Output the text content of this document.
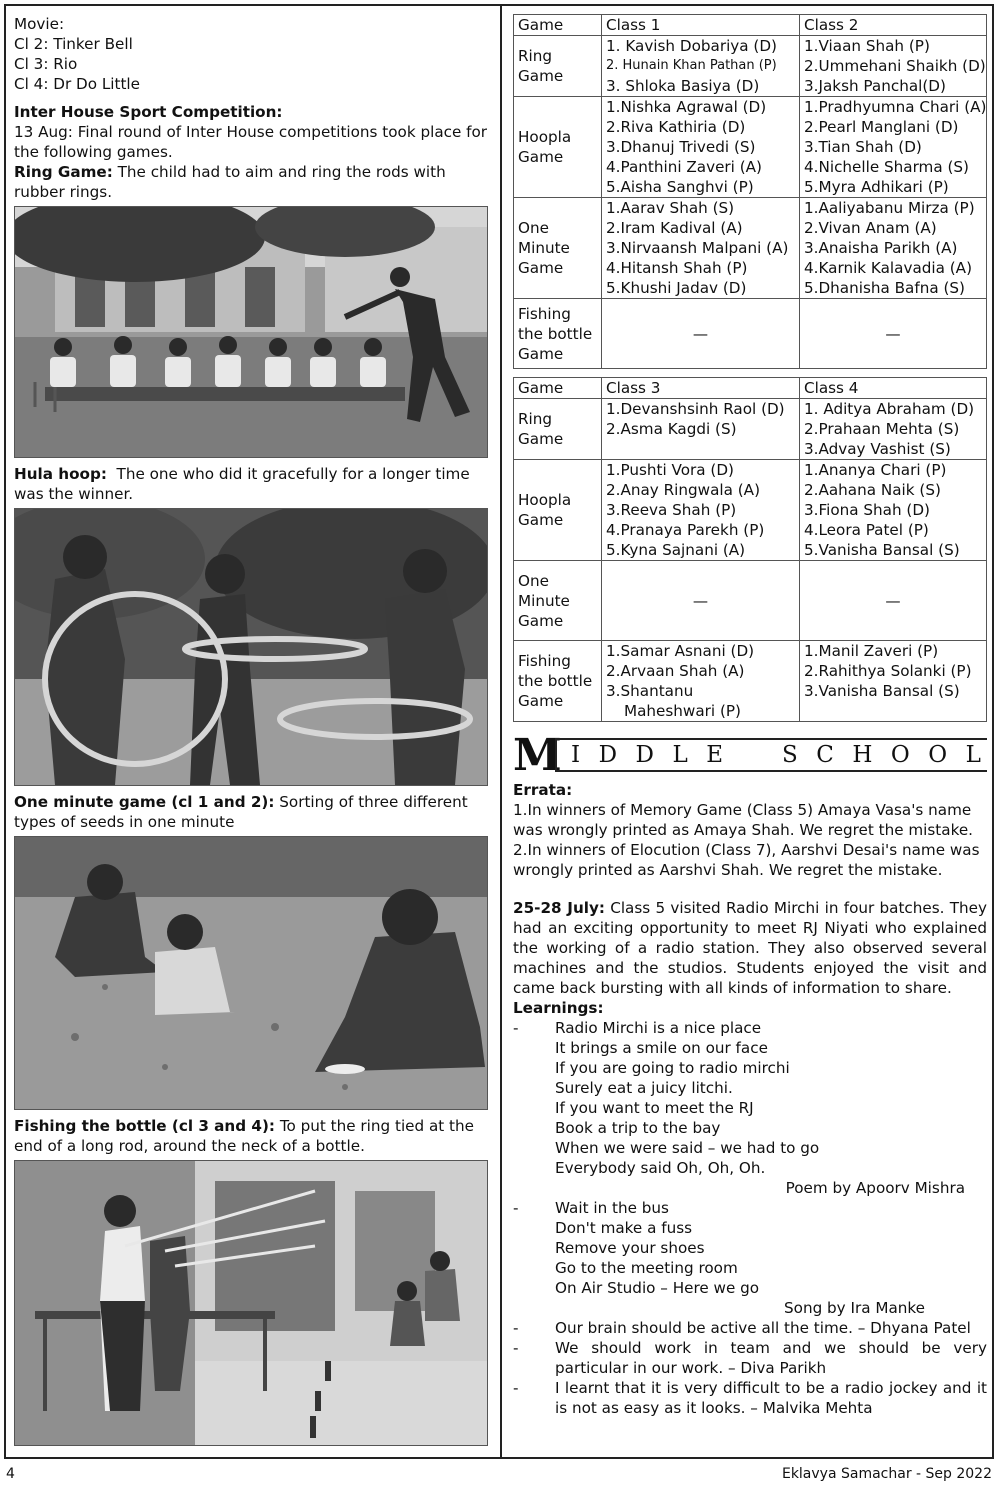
Movie:
Cl 2: Tinker Bell
Cl 3: Rio
Cl 4: Dr Do Little
Inter House Sport Competition:
13 Aug: Final round of Inter House competitions took place for the following games.
Ring Game: The child had to aim and ring the rods with rubber rings.
Hula hoop: The one who did it gracefully for a longer time was the winner.
One minute game (cl 1 and 2): Sorting of three different types of seeds in one minute
Fishing the bottle (cl 3 and 4): To put the ring tied at the end of a long rod, around the neck of a bottle.
Game	Class 1	Class 2
Ring Game	1. Kavish Dobariya (D)
2. Hunain Khan Pathan (P)
3. Shloka Basiya (D)	1.Viaan Shah (P)
2.Ummehani Shaikh (D)
3.Jaksh Panchal(D)

Hoopla Game	1.Nishka Agrawal (D)
2.Riva Kathiria (D)
3.Dhanuj Trivedi (S)
4.Panthini Zaveri (A)
5.Aisha Sanghvi (P)	1.Pradhyumna Chari (A)
2.Pearl Manglani (D)
3.Tian Shah (D)
4.Nichelle Sharma (S)
5.Myra Adhikari (P)

One Minute Game	1.Aarav Shah (S)
2.Iram Kadival (A)
3.Nirvaansh Malpani (A)
4.Hitansh Shah (P)
5.Khushi Jadav (D)	1.Aaliyabanu Mirza (P)
2.Vivan Anam (A)
3.Anaisha Parikh (A)
4.Karnik Kalavadia (A)
5.Dhanisha Bafna (S)

Fishing the bottle Game	—	—
Game	Class 3	Class 4
Ring Game	1.Devanshsinh Raol (D)
2.Asma Kagdi (S)	1. Aditya Abraham (D)
2.Prahaan Mehta (S)
3.Advay Vashist (S)

Hoopla Game	1.Pushti Vora (D)
2.Anay Ringwala (A)
3.Reeva Shah (P)
4.Pranaya Parekh (P)
5.Kyna Sajnani (A)	1.Ananya Chari (P)
2.Aahana Naik (S)
3.Fiona Shah (D)
4.Leora Patel (P)
5.Vanisha Bansal (S)

One Minute Game	—	—
Fishing the bottle Game	1.Samar Asnani (D)
2.Arvaan Shah (A)
3.Shantanu
Maheshwari (P)	1.Manil Zaveri (P)
2.Rahithya Solanki (P)
3.Vanisha Bansal (S)
M I D D L E	S C H O O L
Errata:
1.In winners of Memory Game (Class 5) Amaya Vasa's name was wrongly printed as Amaya Shah. We regret the mistake.
2.In winners of Elocution (Class 7), Aarshvi Desai's name was wrongly printed as Aarshvi Shah. We regret the mistake.
25-28 July: Class 5 visited Radio Mirchi in four batches. They had an exciting opportunity to meet RJ Niyati who explained the working of a radio station. They also observed several machines and the studios. Students enjoyed the visit and came back bursting with all kinds of information to share.
Learnings:
-	Radio Mirchi is a nice place
It brings a smile on our face
If you are going to radio mirchi
Surely eat a juicy litchi.
If you want to meet the RJ
Book a trip to the bay
When we were said – we had to go
Everybody said Oh, Oh, Oh.
Poem by Apoorv Mishra
-	Wait in the bus
Don't make a fuss
Remove your shoes
Go to the meeting room
On Air Studio – Here we go
Song by Ira Manke
-	Our brain should be active all the time. – Dhyana Patel
-	We should work in team and we should be very particular in our work. – Diva Parikh
-	I learnt that it is very difficult to be a radio jockey and it is not as easy as it looks. – Malvika Mehta
4	Eklavya Samachar - Sep 2022
